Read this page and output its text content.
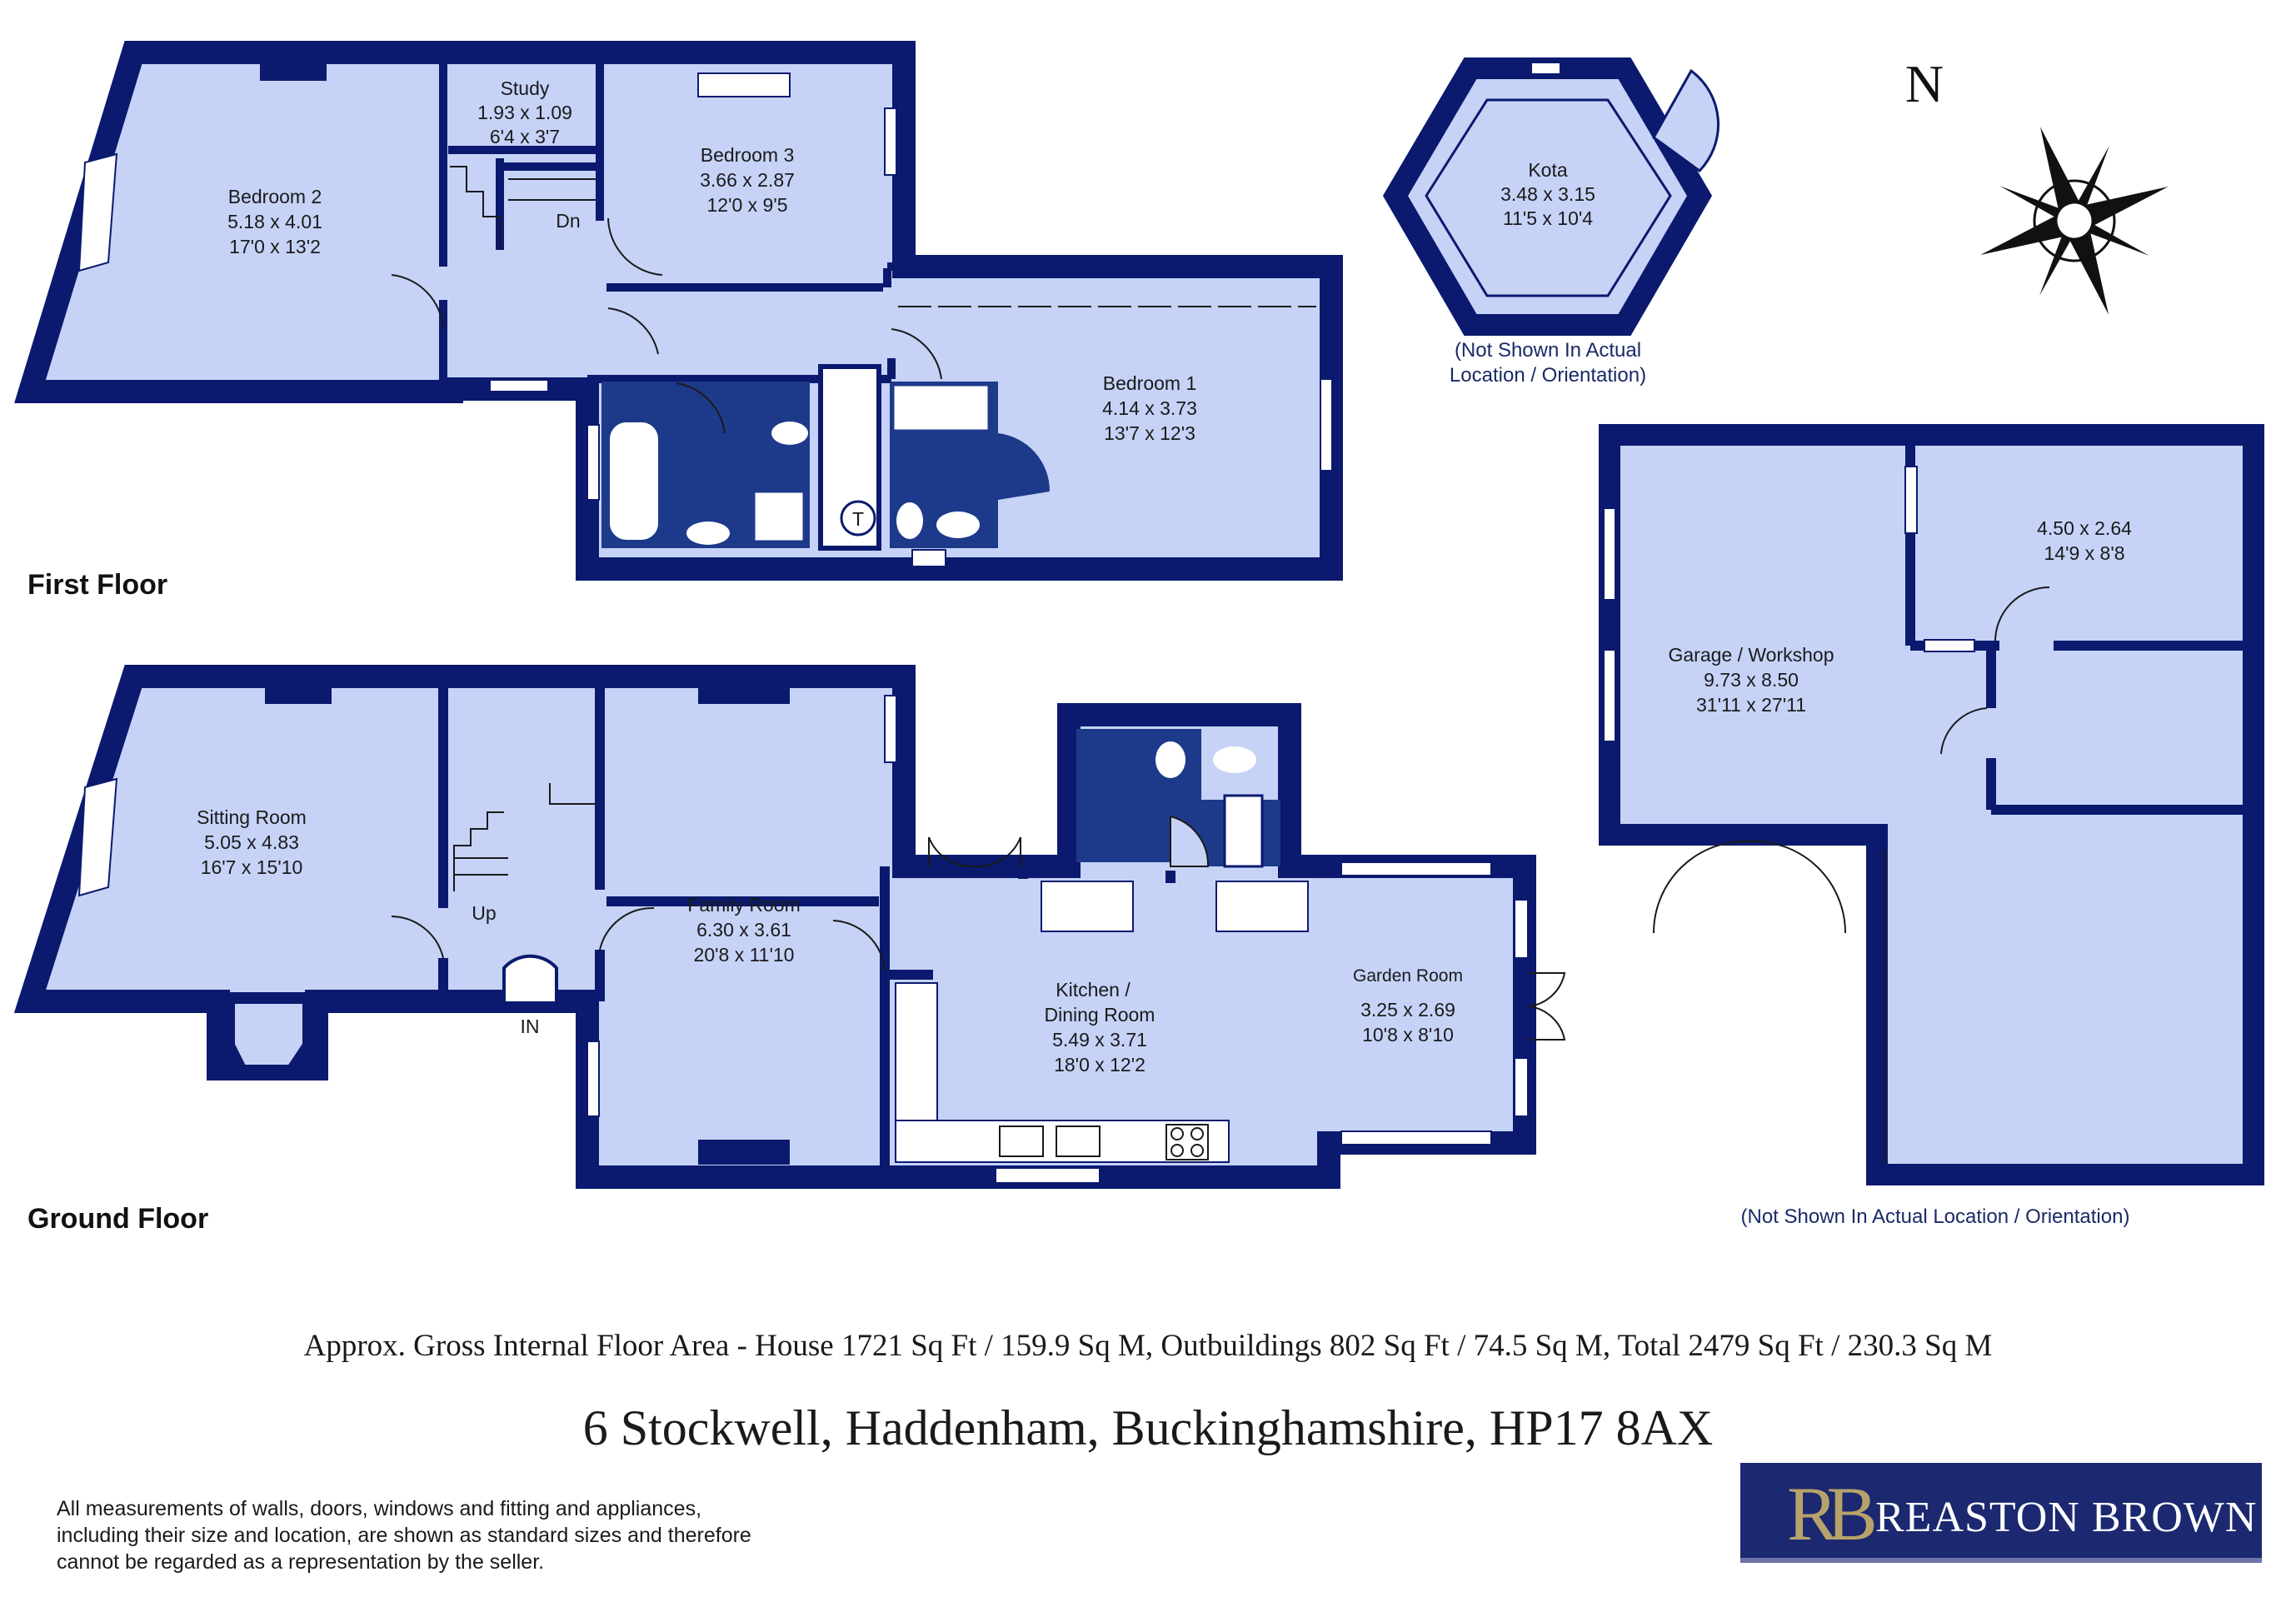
Bedroom 2
5.18 x 4.01
17'0 x 13'2
Study
1.93 x 1.09
6'4 x 3'7
Bedroom 3
3.66 x 2.87
12'0 x 9'5
Bedroom 1
4.14 x 3.73
13'7 x 12'3
Dn
T
First Floor
Kota
3.48 x 3.15
11'5 x 10'4
(Not Shown In Actual
Location / Orientation)
N
Sitting Room
5.05 x 4.83
16'7 x 15'10
Family Room
6.30 x 3.61
20'8 x 11'10
Kitchen /
Dining Room
5.49 x 3.71
18'0 x 12'2
Garden Room
3.25 x 2.69
10'8 x 8'10
Up
IN
Ground Floor
Garage / Workshop
9.73 x 8.50
31'11 x 27'11
4.50 x 2.64
14'9 x 8'8
(Not Shown In Actual Location / Orientation)
Approx. Gross Internal Floor Area - House 1721 Sq Ft / 159.9 Sq M, Outbuildings 802 Sq Ft / 74.5 Sq M, Total 2479 Sq Ft / 230.3 Sq M
6 Stockwell, Haddenham, Buckinghamshire, HP17 8AX
All measurements of walls, doors, windows and fitting and appliances,
including their size and location, are shown as standard sizes and therefore
cannot be regarded as a representation by the seller.
RB REASTON BROWN
